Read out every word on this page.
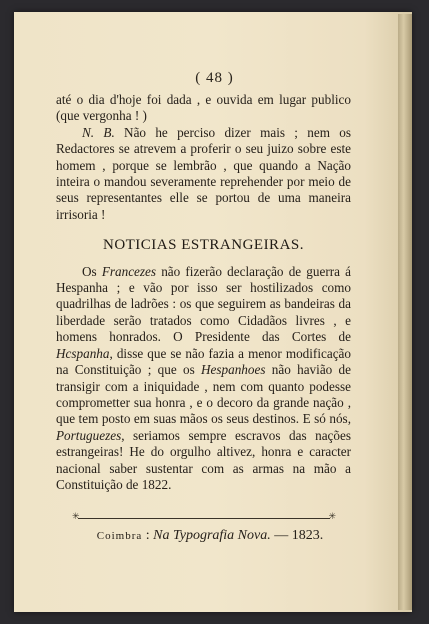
( 48 )

até o dia d'hoje foi dada , e ouvida em lugar publico (que vergonha ! )

N. B. Não he perciso dizer mais ; nem os Redactores se atrevem a proferir o seu juizo sobre este homem , porque se lembrão , que quando a Nação inteira o mandou severamente reprehender por meio de seus representantes elle se portou de uma maneira irrisoria !

NOTICIAS ESTRANGEIRAS.

Os Francezes não fizerão declaração de guerra á Hespanha ; e vão por isso ser hostilizados como quadrilhas de ladrões : os que seguirem as bandeiras da liberdade serão tratados como Cidadãos livres , e homens honrados. O Presidente das Cortes de Hcspanha, disse que se não fazia a menor modificação na Constituição ; que os Hespanhoes não havião de transigir com a iniquidade , nem com quanto podesse comprometter sua honra , e o decoro da grande nação , que tem posto em suas mãos os seus destinos. E só nós, Portuguezes, seriamos sempre escravos das nações estrangeiras! He do orgulho altivez, honra e caracter nacional saber sustentar com as armas na mão a Constituição de 1822.

✳	✳
Coimbra : Na Typografia Nova. — 1823.
